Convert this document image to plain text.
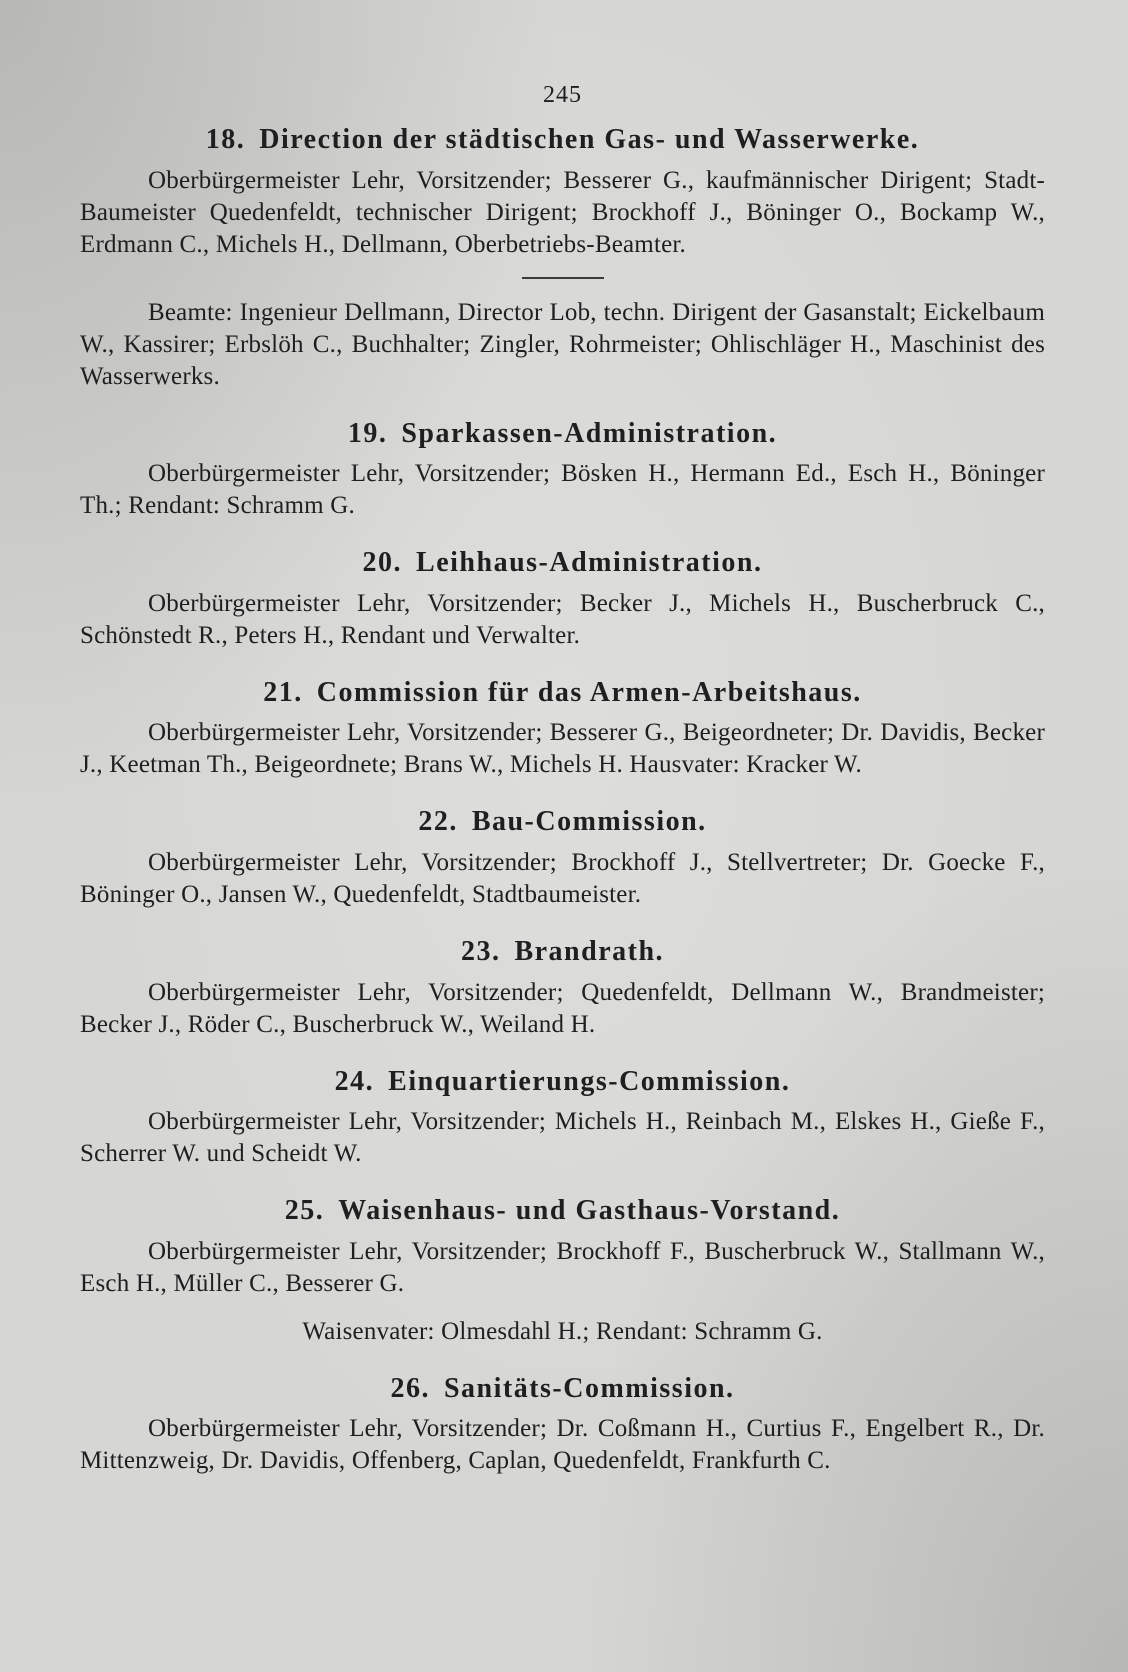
245
18. Direction der städtischen Gas- und Wasserwerke.

Oberbürgermeister Lehr, Vorsitzender; Besserer G., kaufmännischer Dirigent; Stadt-Baumeister Quedenfeldt, technischer Dirigent; Brockhoff J., Böninger O., Bockamp W., Erdmann C., Michels H., Dellmann, Oberbetriebs-Beamter.

Beamte: Ingenieur Dellmann, Director Lob, techn. Dirigent der Gasanstalt; Eickelbaum W., Kassirer; Erbslöh C., Buchhalter; Zingler, Rohrmeister; Ohlischläger H., Maschinist des Wasserwerks.

19. Sparkassen-Administration.

Oberbürgermeister Lehr, Vorsitzender; Bösken H., Hermann Ed., Esch H., Böninger Th.; Rendant: Schramm G.

20. Leihhaus-Administration.

Oberbürgermeister Lehr, Vorsitzender; Becker J., Michels H., Buscherbruck C., Schönstedt R., Peters H., Rendant und Verwalter.

21. Commission für das Armen-Arbeitshaus.

Oberbürgermeister Lehr, Vorsitzender; Besserer G., Beigeordneter; Dr. Davidis, Becker J., Keetman Th., Beigeordnete; Brans W., Michels H. Hausvater: Kracker W.

22. Bau-Commission.

Oberbürgermeister Lehr, Vorsitzender; Brockhoff J., Stellvertreter; Dr. Goecke F., Böninger O., Jansen W., Quedenfeldt, Stadtbaumeister.

23. Brandrath.

Oberbürgermeister Lehr, Vorsitzender; Quedenfeldt, Dellmann W., Brandmeister; Becker J., Röder C., Buscherbruck W., Weiland H.

24. Einquartierungs-Commission.

Oberbürgermeister Lehr, Vorsitzender; Michels H., Reinbach M., Elskes H., Gieße F., Scherrer W. und Scheidt W.

25. Waisenhaus- und Gasthaus-Vorstand.

Oberbürgermeister Lehr, Vorsitzender; Brockhoff F., Buscherbruck W., Stallmann W., Esch H., Müller C., Besserer G.

Waisenvater: Olmesdahl H.; Rendant: Schramm G.

26. Sanitäts-Commission.

Oberbürgermeister Lehr, Vorsitzender; Dr. Coßmann H., Curtius F., Engelbert R., Dr. Mittenzweig, Dr. Davidis, Offenberg, Caplan, Quedenfeldt, Frankfurth C.
